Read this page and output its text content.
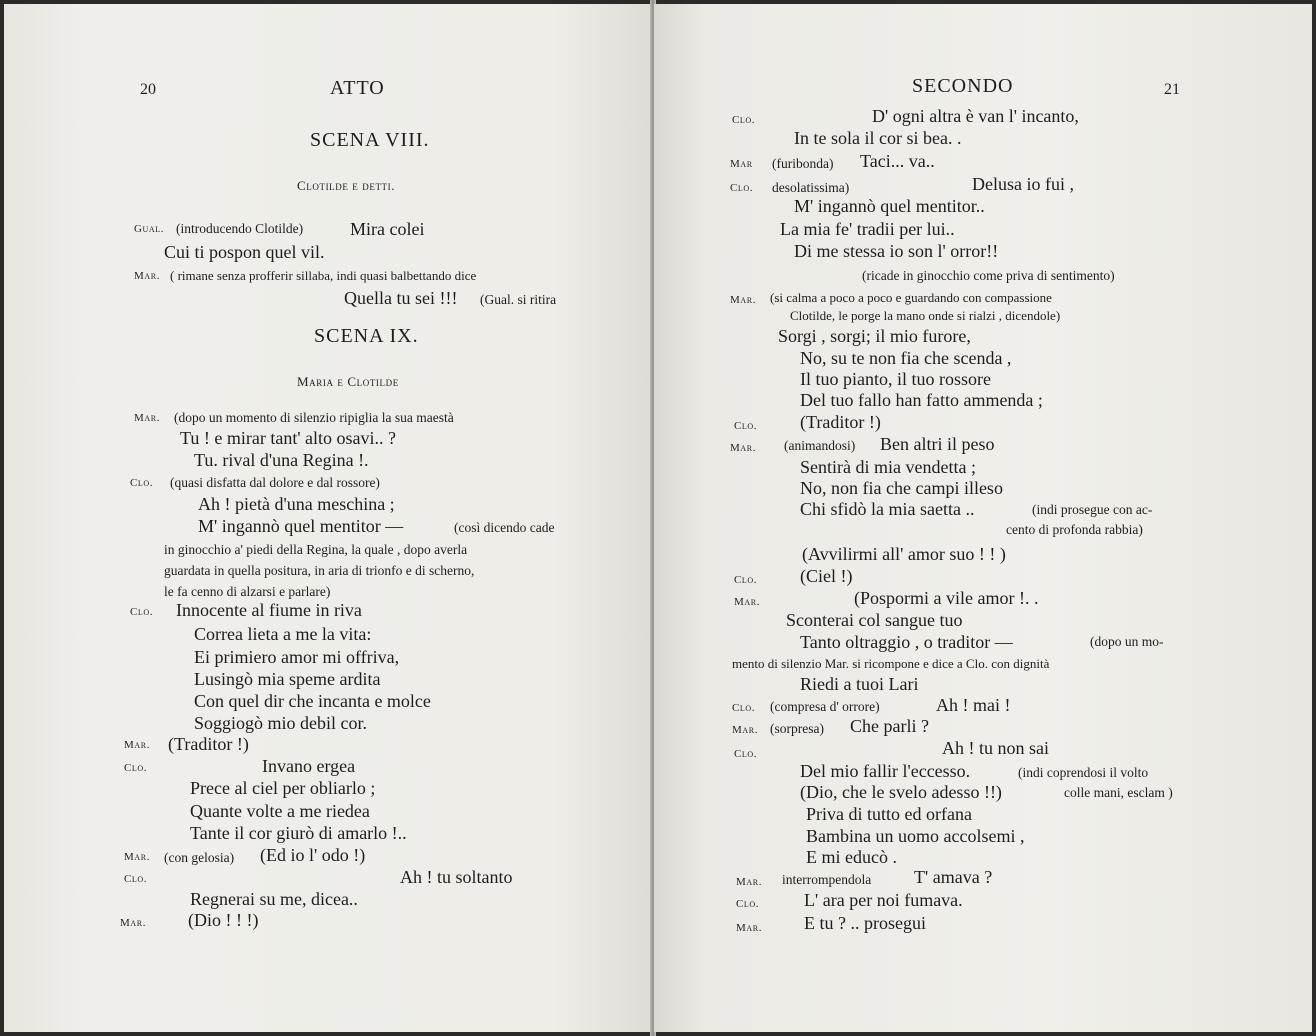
20	ATTO
SCENA VIII.
Clotilde e detti.
Gual. (introducendo Clotilde)	Mira colei
Cui ti pospon quel vil.
Mar. ( rimane senza profferir sillaba, indi quasi balbettando dice
Quella tu sei !!! (Gual. si ritira
SCENA IX.
Maria e Clotilde
Mar. (dopo un momento di silenzio ripiglia la sua maestà
Tu ! e mirar tant' alto osavi.. ?
Tu. rival d'una Regina !.
Clo. (quasi disfatta dal dolore e dal rossore)
Ah ! pietà d'una meschina ;
M' ingannò quel mentitor —	(così dicendo cade
in ginocchio a' piedi della Regina, la quale , dopo averla
guardata in quella positura, in aria di trionfo e di scherno,
le fa cenno di alzarsi e parlare)
Clo. Innocente al fiume in riva
Correa lieta a me la vita:
Ei primiero amor mi offriva,
Lusingò mia speme ardita
Con quel dir che incanta e molce
Soggiogò mio debil cor.
Mar. (Traditor !)
Clo.	Invano ergea
Prece al ciel per obliarlo ;
Quante volte a me riedea
Tante il cor giurò di amarlo !..
Mar. (con gelosia) (Ed io l' odo !)
Clo.	Ah ! tu soltanto
Regnerai su me, dicea..
Mar. (Dio ! ! !)
SECONDO	21
Clo.	D' ogni altra è van l' incanto,
In te sola il cor si bea. .
Mar (furibonda) Taci... va..
Clo. desolatissima)	Delusa io fui ,
M' ingannò quel mentitor..
La mia fe' tradii per lui..
Di me stessa io son l' orror!!
(ricade in ginocchio come priva di sentimento)
Mar. (si calma a poco a poco e guardando con compassione
Clotilde, le porge la mano onde si rialzi , dicendole)
Sorgi , sorgi; il mio furore,
No, su te non fia che scenda ,
Il tuo pianto, il tuo rossore
Del tuo fallo han fatto ammenda ;
Clo. (Traditor !)
Mar. (animandosi) Ben altri il peso
Sentirà di mia vendetta ;
No, non fia che campi illeso
Chi sfidò la mia saetta ..	(indi prosegue con ac-
cento di profonda rabbia)
(Avvilirmi all' amor suo ! ! )
Clo. (Ciel !)
Mar.	(Pospormi a vile amor !. .
Sconterai col sangue tuo
Tanto oltraggio , o traditor —	(dopo un mo-
mento di silenzio Mar. si ricompone e dice a Clo. con dignità
Riedi a tuoi Lari
Clo. (compresa d' orrore)	Ah ! mai !
Mar. (sorpresa) Che parli ?
Clo.	Ah ! tu non sai
Del mio fallir l'eccesso.	(indi coprendosi il volto
(Dio, che le svelo adesso !!)	colle mani, esclam )
Priva di tutto ed orfana
Bambina un uomo accolsemi ,
E mi educò .
Mar. interrompendola T' amava ?
Clo. L' ara per noi fumava.
Mar. E tu ? .. prosegui
